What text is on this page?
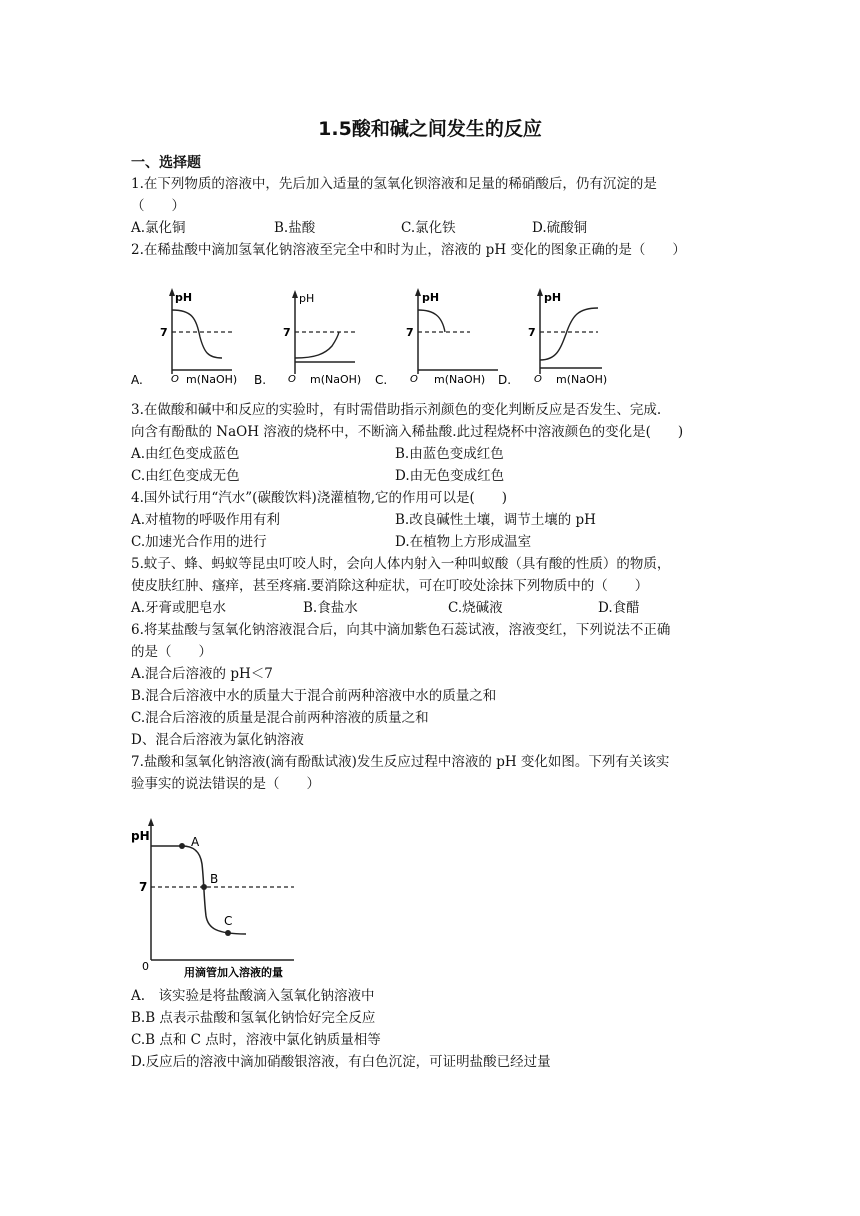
1.5酸和碱之间发生的反应
一、选择题
1.在下列物质的溶液中，先后加入适量的氢氧化钡溶液和足量的稀硝酸后，仍有沉淀的是
（　　）
A.氯化铜	B.盐酸	C.氯化铁	D.硫酸铜
2.在稀盐酸中滴加氢氧化钠溶液至完全中和时为止，溶液的 pH 变化的图象正确的是（　　）
A.
pH
7
O m(NaOH) B.
pH
7
O m(NaOH) C.
pH
7
O m(NaOH) D.
pH
7
O m(NaOH)
3.在做酸和碱中和反应的实验时，有时需借助指示剂颜色的变化判断反应是否发生、完成.
向含有酚酞的 NaOH 溶液的烧杯中，不断滴入稀盐酸.此过程烧杯中溶液颜色的变化是(　　)
A.由红色变成蓝色	B.由蓝色变成红色
C.由红色变成无色	D.由无色变成红色
4.国外试行用“汽水”(碳酸饮料)浇灌植物,它的作用可以是(　　)
A.对植物的呼吸作用有利	B.改良碱性土壤，调节土壤的 pH
C.加速光合作用的进行	D.在植物上方形成温室
5.蚊子、蜂、蚂蚁等昆虫叮咬人时，会向人体内射入一种叫蚁酸（具有酸的性质）的物质，
使皮肤红肿、瘙痒，甚至疼痛.要消除这种症状，可在叮咬处涂抹下列物质中的（　　）
A.牙膏或肥皂水	B.食盐水	C.烧碱液	D.食醋
6.将某盐酸与氢氧化钠溶液混合后，向其中滴加紫色石蕊试液，溶液变红，下列说法不正确
的是（　　）
A.混合后溶液的 pH＜7
B.混合后溶液中水的质量大于混合前两种溶液中水的质量之和
C.混合后溶液的质量是混合前两种溶液的质量之和
D、混合后溶液为氯化钠溶液
7.盐酸和氢氧化钠溶液(滴有酚酞试液)发生反应过程中溶液的 pH 变化如图。下列有关该实
验事实的说法错误的是（　　）
pH
7
A
B
C
0	用滴管加入溶液的量
A.　该实验是将盐酸滴入氢氧化钠溶液中
B.B 点表示盐酸和氢氧化钠恰好完全反应
C.B 点和 C 点时，溶液中氯化钠质量相等
D.反应后的溶液中滴加硝酸银溶液，有白色沉淀，可证明盐酸已经过量
